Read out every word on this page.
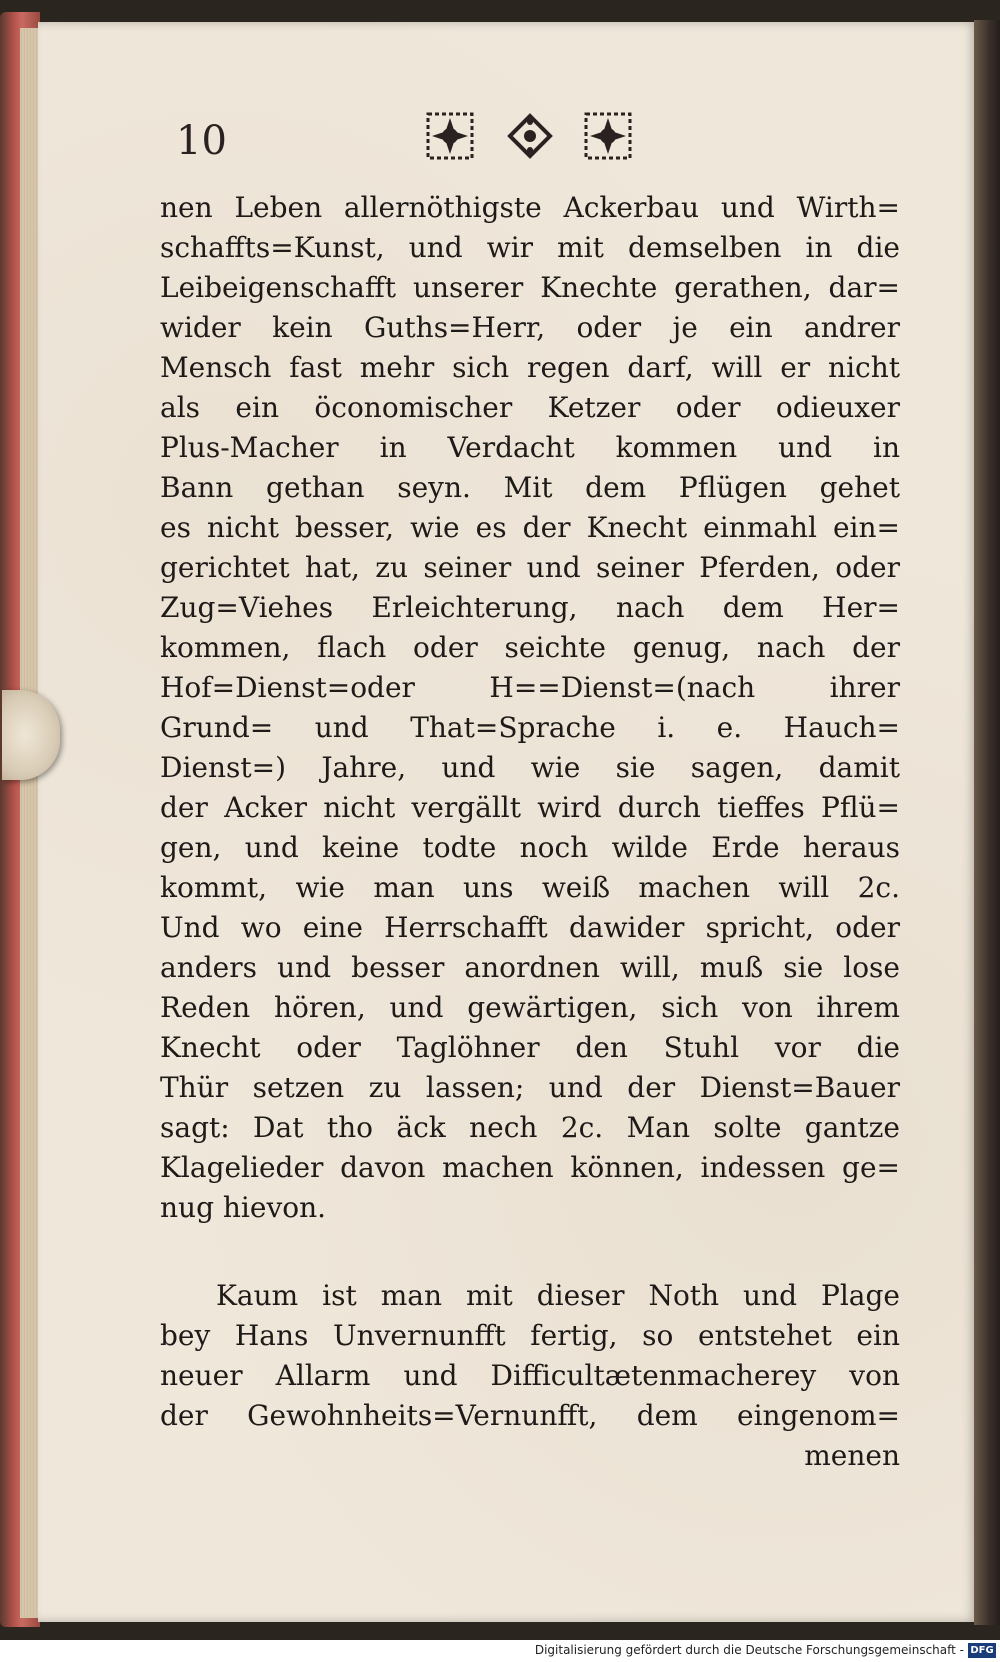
10
nen Leben allernöthigste Ackerbau und Wirth=
schaffts=Kunst, und wir mit demselben in die
Leibeigenschafft unserer Knechte gerathen, dar=
wider kein Guths=Herr, oder je ein andrer
Mensch fast mehr sich regen darf, will er nicht
als ein öconomischer Ketzer oder odieuxer
Plus-Macher in Verdacht kommen und in
Bann gethan seyn. Mit dem Pflügen gehet
es nicht besser, wie es der Knecht einmahl ein=
gerichtet hat, zu seiner und seiner Pferden, oder
Zug=Viehes Erleichterung, nach dem Her=
kommen, flach oder seichte genug, nach der
Hof=Dienst=oder H==Dienst=(nach ihrer
Grund= und That=Sprache i. e. Hauch=
Dienst=) Jahre, und wie sie sagen, damit
der Acker nicht vergällt wird durch tieffes Pflü=
gen, und keine todte noch wilde Erde heraus
kommt, wie man uns weiß machen will 2c.
Und wo eine Herrschafft dawider spricht, oder
anders und besser anordnen will, muß sie lose
Reden hören, und gewärtigen, sich von ihrem
Knecht oder Taglöhner den Stuhl vor die
Thür setzen zu lassen; und der Dienst=Bauer
sagt: Dat tho äck nech 2c. Man solte gantze
Klagelieder davon machen können, indessen ge=
nug hievon.
Kaum ist man mit dieser Noth und Plage
bey Hans Unvernunfft fertig, so entstehet ein
neuer Allarm und Difficultætenmacherey von
der Gewohnheits=Vernunfft, dem eingenom=
menen
Digitalisierung gefördert durch die Deutsche Forschungsgemeinschaft - DFG
